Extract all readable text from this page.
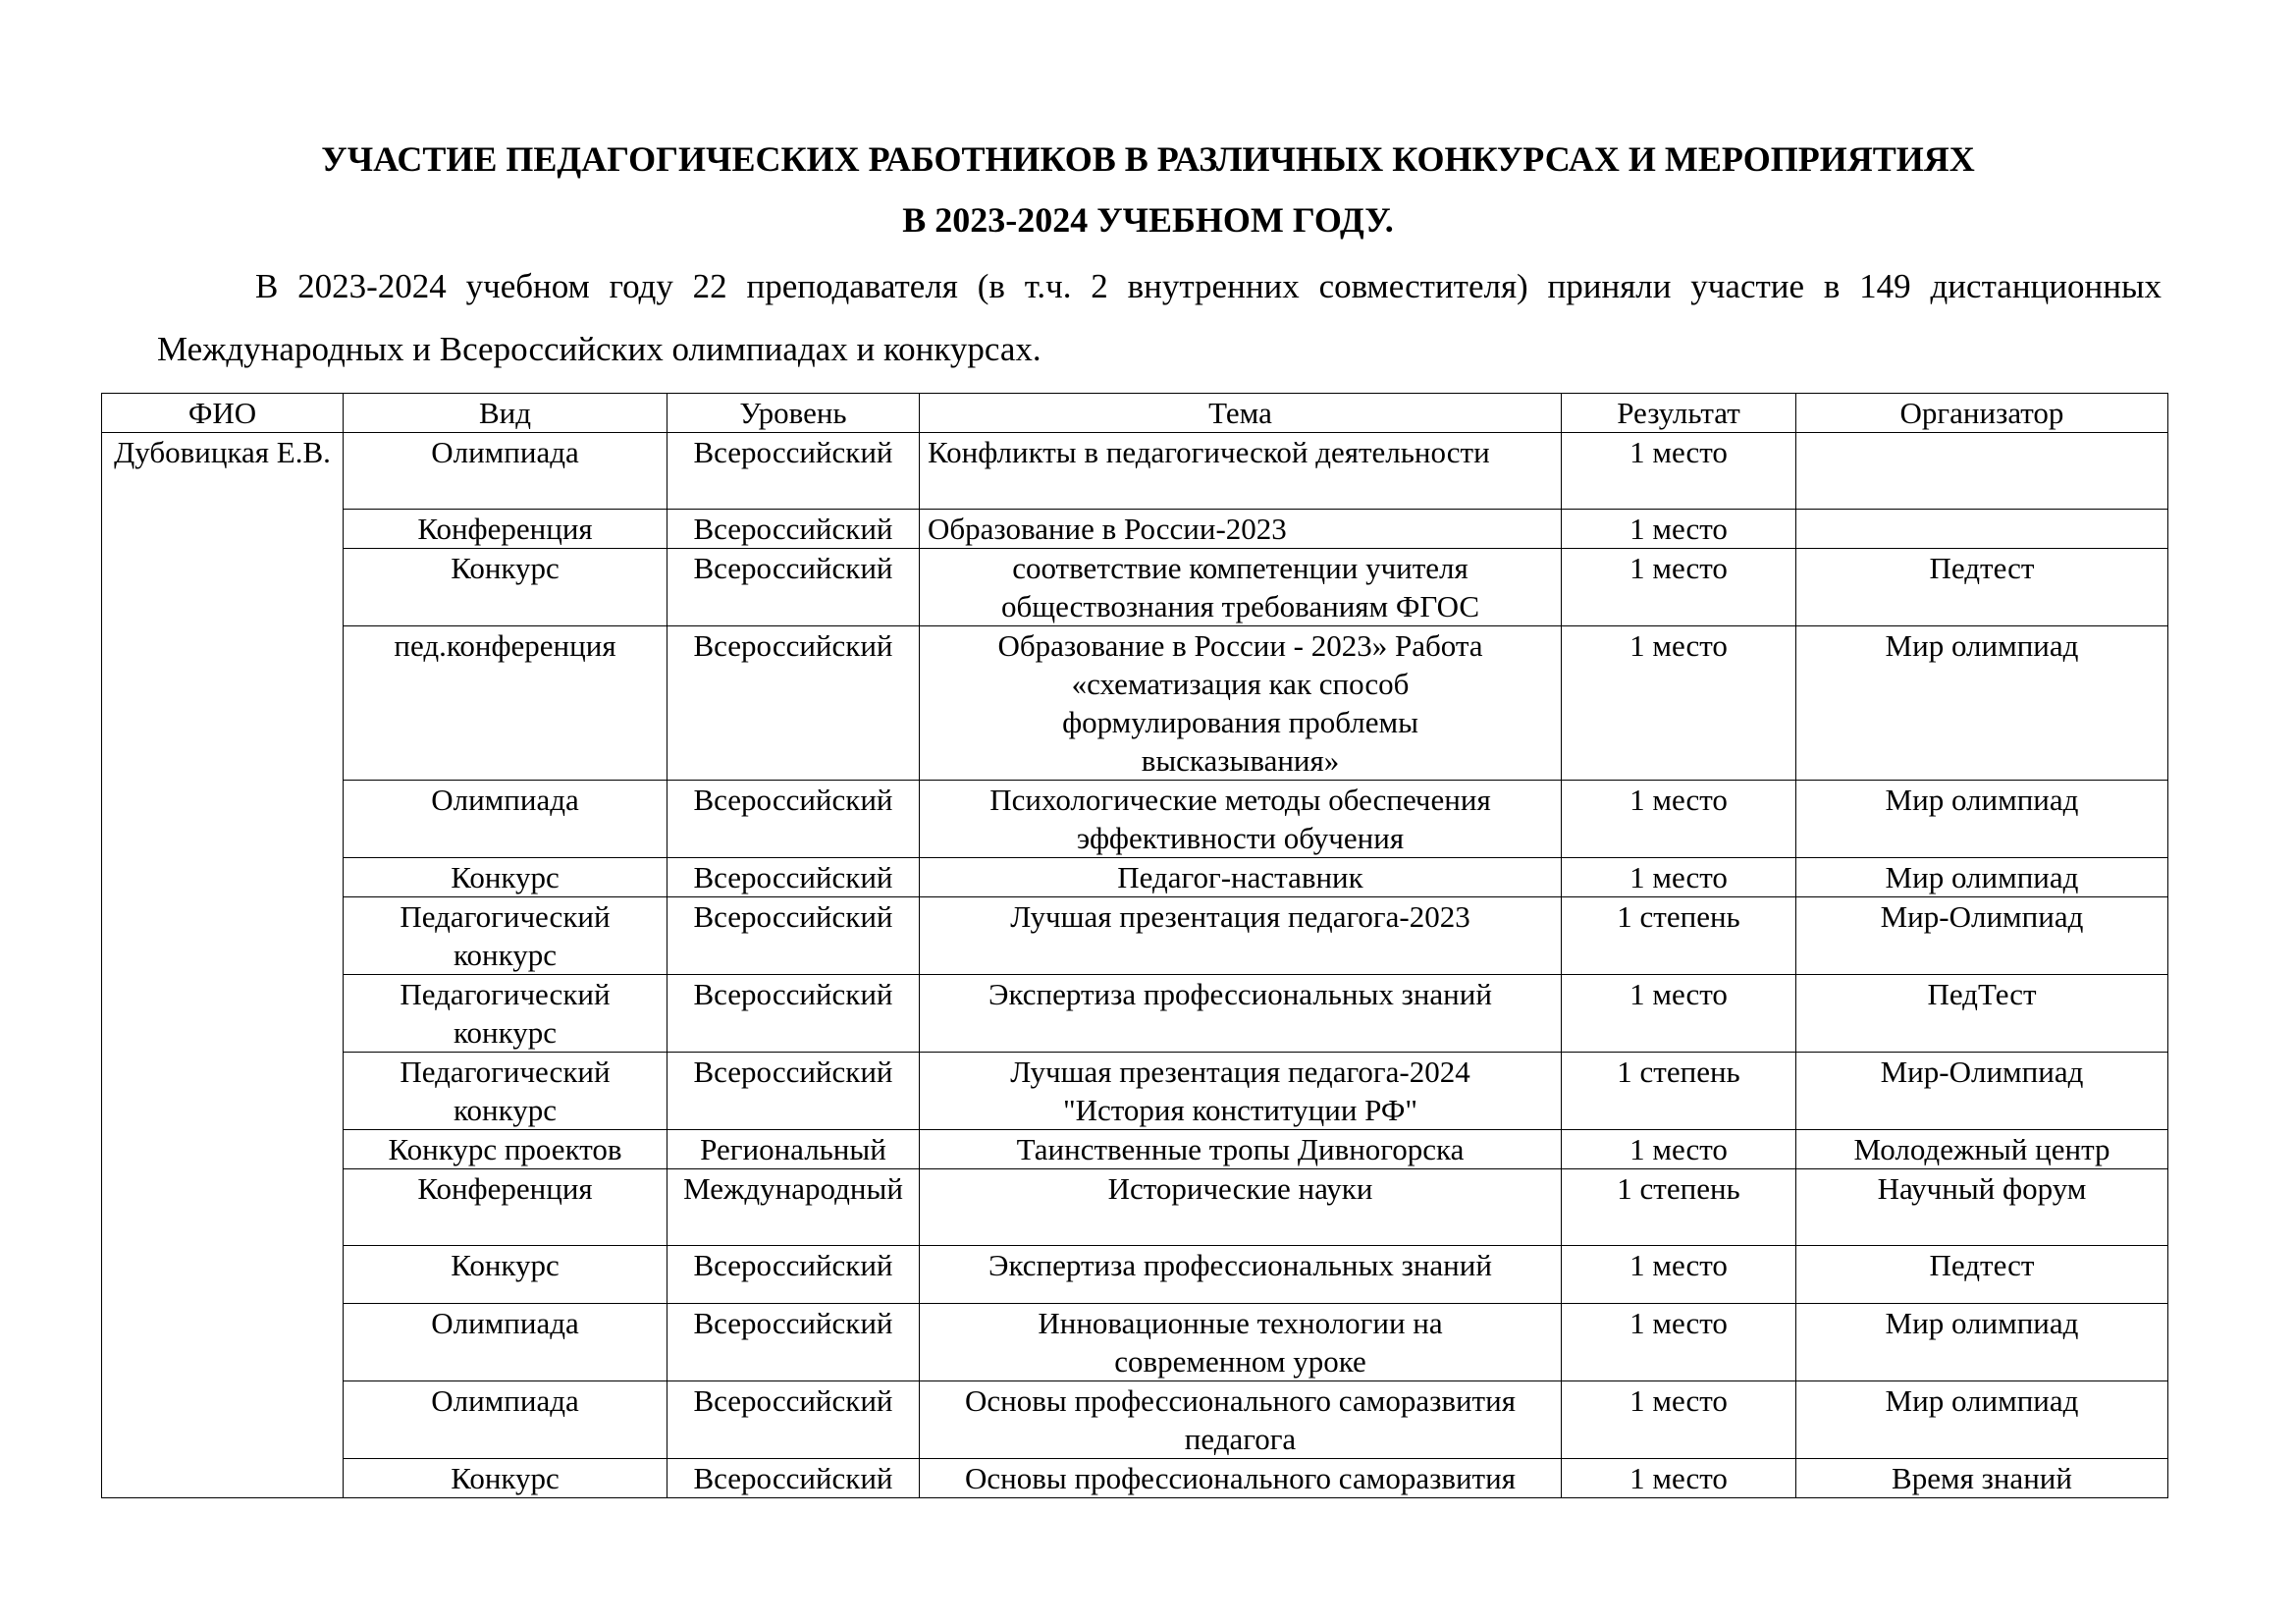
УЧАСТИЕ ПЕДАГОГИЧЕСКИХ РАБОТНИКОВ В РАЗЛИЧНЫХ КОНКУРСАХ И МЕРОПРИЯТИЯХ
В 2023-2024 УЧЕБНОМ ГОДУ.
В 2023-2024 учебном году 22 преподавателя (в т.ч. 2 внутренних совместителя) приняли участие в 149 дистанционных Международных и Всероссийских олимпиадах и конкурсах.
ФИО	Вид	Уровень	Тема	Результат	Организатор
Дубовицкая Е.В.	Олимпиада	Всероссийский	Конфликты в педагогической деятельности	1 место	
	Конференция	Всероссийский	Образование в России-2023	1 место	
	Конкурс	Всероссийский	соответствие компетенции учителя обществознания требованиям ФГОС	1 место	Педтест
	пед.конференция	Всероссийский	Образование в России - 2023» Работа «схематизация как способ формулирования проблемы высказывания»	1 место	Мир олимпиад
	Олимпиада	Всероссийский	Психологические методы обеспечения эффективности обучения	1 место	Мир олимпиад
	Конкурс	Всероссийский	Педагог-наставник	1 место	Мир олимпиад
	Педагогический конкурс	Всероссийский	Лучшая презентация педагога-2023	1 степень	Мир-Олимпиад
	Педагогический конкурс	Всероссийский	Экспертиза профессиональных знаний	1 место	ПедТест
	Педагогический конкурс	Всероссийский	Лучшая презентация педагога-2024 "История конституции РФ"	1 степень	Мир-Олимпиад
	Конкурс проектов	Региональный	Таинственные тропы Дивногорска	1 место	Молодежный центр
	Конференция	Международный	Исторические науки	1 степень	Научный форум
	Конкурс	Всероссийский	Экспертиза профессиональных знаний	1 место	Педтест
	Олимпиада	Всероссийский	Инновационные технологии на современном уроке	1 место	Мир олимпиад
	Олимпиада	Всероссийский	Основы профессионального саморазвития педагога	1 место	Мир олимпиад
	Конкурс	Всероссийский	Основы профессионального саморазвития	1 место	Время знаний
